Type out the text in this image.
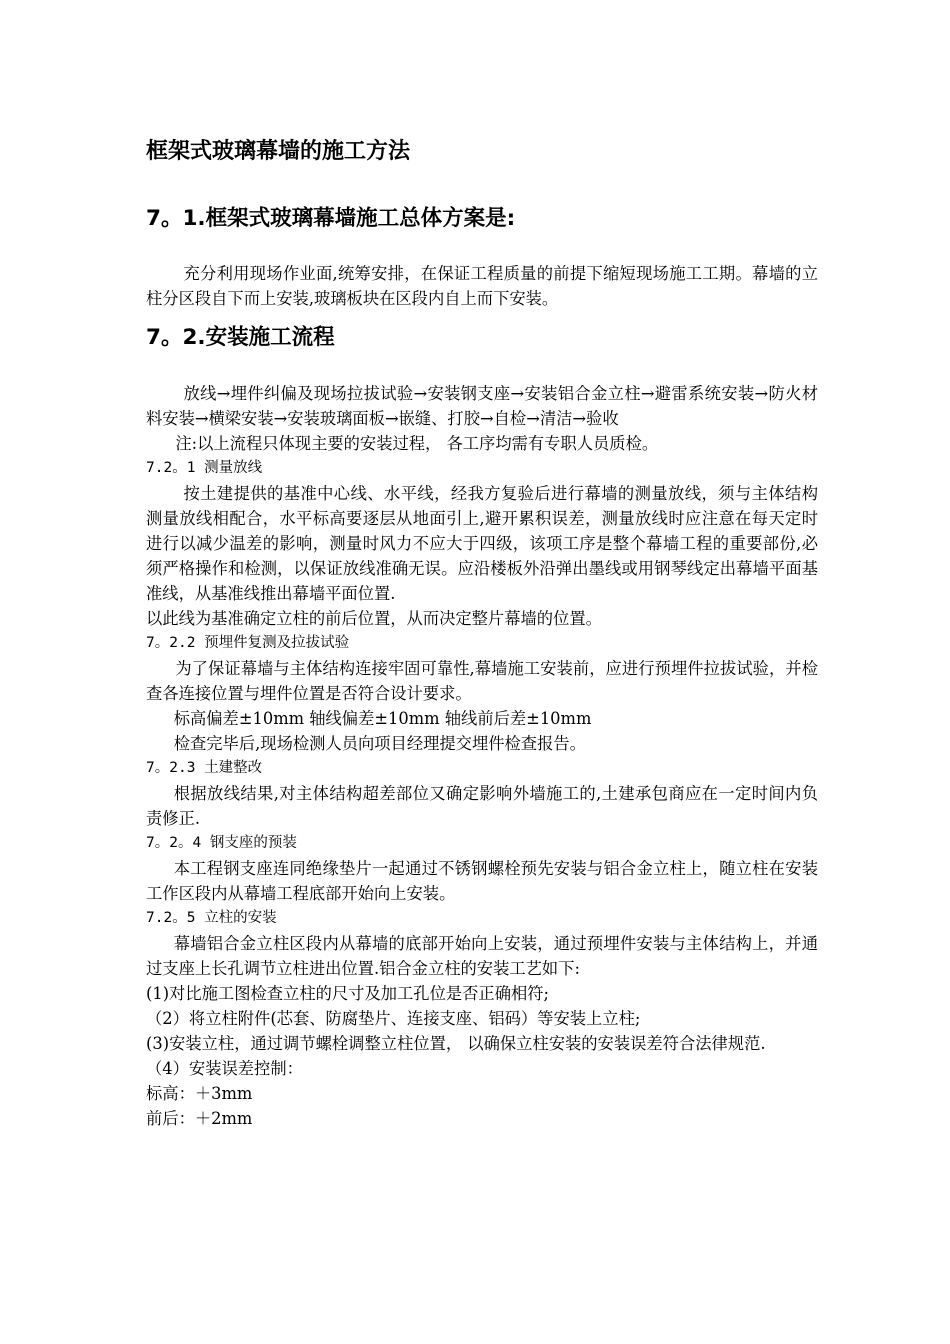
框架式玻璃幕墙的施工方法
7。1.框架式玻璃幕墙施工总体方案是:

充分利用现场作业面,统筹安排，在保证工程质量的前提下缩短现场施工工期。幕墙的立柱分区段自下而上安装,玻璃板块在区段内自上而下安装。

7。2.安装施工流程

放线→埋件纠偏及现场拉拔试验→安装钢支座→安装铝合金立柱→避雷系统安装→防火材料安装→横梁安装→安装玻璃面板→嵌缝、打胶→自检→清洁→验收

注:以上流程只体现主要的安装过程， 各工序均需有专职人员质检。

7.2。1 测量放线

按土建提供的基准中心线、水平线，经我方复验后进行幕墙的测量放线，须与主体结构测量放线相配合，水平标高要逐层从地面引上,避开累积误差，测量放线时应注意在每天定时进行以减少温差的影响，测量时风力不应大于四级，该项工序是整个幕墙工程的重要部份,必须严格操作和检测，以保证放线准确无误。应沿楼板外沿弹出墨线或用钢琴线定出幕墙平面基准线，从基准线推出幕墙平面位置.

以此线为基准确定立柱的前后位置，从而决定整片幕墙的位置。

7。2.2 预埋件复测及拉拔试验

为了保证幕墙与主体结构连接牢固可靠性,幕墙施工安装前，应进行预埋件拉拔试验，并检查各连接位置与埋件位置是否符合设计要求。

标高偏差±10mm 轴线偏差±10mm 轴线前后差±10mm

检查完毕后,现场检测人员向项目经理提交埋件检查报告。

7。2.3 土建整改

根据放线结果,对主体结构超差部位又确定影响外墙施工的,土建承包商应在一定时间内负责修正.

7。2。4 钢支座的预装

本工程钢支座连同绝缘垫片一起通过不锈钢螺栓预先安装与铝合金立柱上，随立柱在安装工作区段内从幕墙工程底部开始向上安装。

7.2。5 立柱的安装

幕墙铝合金立柱区段内从幕墙的底部开始向上安装，通过预埋件安装与主体结构上，并通过支座上长孔调节立柱进出位置.铝合金立柱的安装工艺如下:

(1)对比施工图检查立柱的尺寸及加工孔位是否正确相符;

（2）将立柱附件(芯套、防腐垫片、连接支座、铝码）等安装上立柱;

(3)安装立柱，通过调节螺栓调整立柱位置， 以确保立柱安装的安装误差符合法律规范.

（4）安装误差控制：

标高：＋3mm

前后：＋2mm
